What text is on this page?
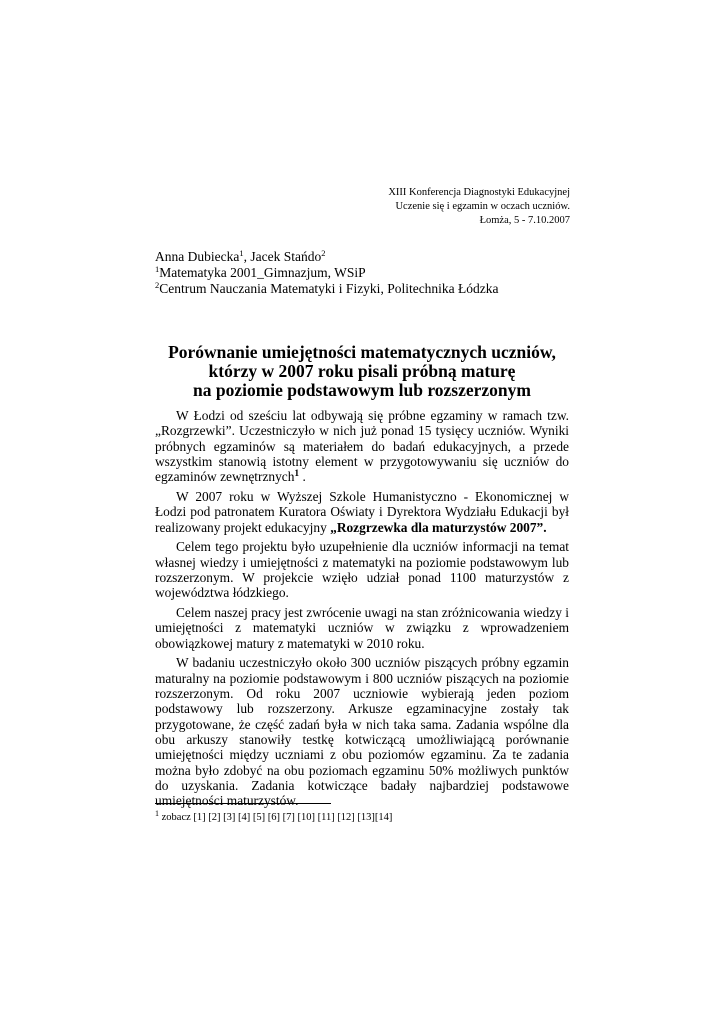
XIII Konferencja Diagnostyki Edukacyjnej
Uczenie się i egzamin w oczach uczniów.
Łomża, 5 - 7.10.2007
Anna Dubiecka$^1$, Jacek Stańdo$^2$
$^1$Matematyka 2001_Gimnazjum, WSiP
$^2$Centrum Nauczania Matematyki i Fizyki, Politechnika Łódzka
Porównanie umiejętności matematycznych uczniów,
którzy w 2007 roku pisali próbną maturę
na poziomie podstawowym lub rozszerzonym

W Łodzi od sześciu lat odbywają się próbne egzaminy w ramach tzw. „Rozgrzewki”. Uczestniczyło w nich już ponad 15 tysięcy uczniów. Wyniki próbnych egzaminów są materiałem do badań edukacyjnych, a przede wszystkim stanowią istotny element w przygotowywaniu się uczniów do egzaminów zewnętrznych$^1$ .

W 2007 roku w Wyższej Szkole Humanistyczno - Ekonomicznej w Łodzi pod patronatem Kuratora Oświaty i Dyrektora Wydziału Edukacji był realizowany projekt edukacyjny „Rozgrzewka dla maturzystów 2007”.

Celem tego projektu było uzupełnienie dla uczniów informacji na temat własnej wiedzy i umiejętności z matematyki na poziomie podstawowym lub rozszerzonym. W projekcie wzięło udział ponad 1100 maturzystów z województwa łódzkiego.

Celem naszej pracy jest zwrócenie uwagi na stan zróżnicowania wiedzy i umiejętności z matematyki uczniów w związku z wprowadzeniem obowiązkowej matury z matematyki w 2010 roku.

W badaniu uczestniczyło około 300 uczniów piszących próbny egzamin maturalny na poziomie podstawowym i 800 uczniów piszących na poziomie rozszerzonym. Od roku 2007 uczniowie wybierają jeden poziom podstawowy lub rozszerzony. Arkusze egzaminacyjne zostały tak przygotowane, że część zadań była w nich taka sama. Zadania wspólne dla obu arkuszy stanowiły testkę kotwiczącą umożliwiającą porównanie umiejętności między uczniami z obu poziomów egzaminu. Za te zadania można było zdobyć na obu poziomach egzaminu 50% możliwych punktów do uzyskania. Zadania kotwiczące badały najbardziej podstawowe umiejętności maturzystów.

$^1$ zobacz [1] [2] [3] [4] [5] [6] [7] [10] [11] [12] [13][14]
